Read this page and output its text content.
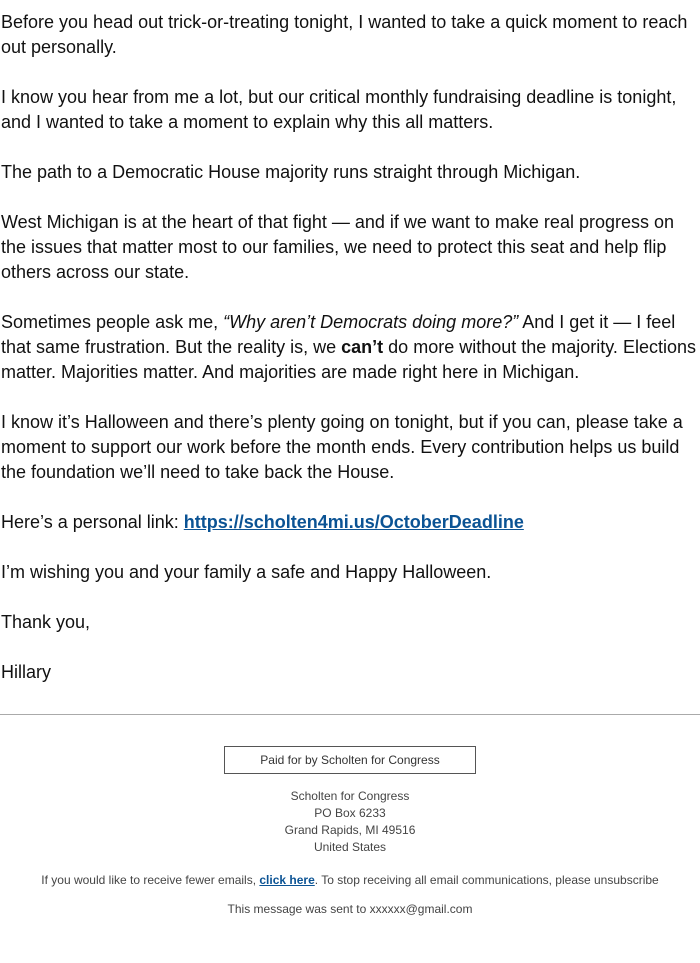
Before you head out trick-or-treating tonight, I wanted to take a quick moment to reach out personally.

I know you hear from me a lot, but our critical monthly fundraising deadline is tonight, and I wanted to take a moment to explain why this all matters.

The path to a Democratic House majority runs straight through Michigan.

West Michigan is at the heart of that fight — and if we want to make real progress on the issues that matter most to our families, we need to protect this seat and help flip others across our state.

Sometimes people ask me, “Why aren’t Democrats doing more?” And I get it — I feel that same frustration. But the reality is, we can’t do more without the majority. Elections matter. Majorities matter. And majorities are made right here in Michigan.

I know it’s Halloween and there’s plenty going on tonight, but if you can, please take a moment to support our work before the month ends. Every contribution helps us build the foundation we’ll need to take back the House.

Here’s a personal link: https://scholten4mi.us/OctoberDeadline

I’m wishing you and your family a safe and Happy Halloween.

Thank you,

Hillary

Paid for by Scholten for Congress
Scholten for Congress
PO Box 6233
Grand Rapids, MI 49516
United States
If you would like to receive fewer emails, click here. To stop receiving all email communications, please unsubscribe
This message was sent to xxxxxx@gmail.com
